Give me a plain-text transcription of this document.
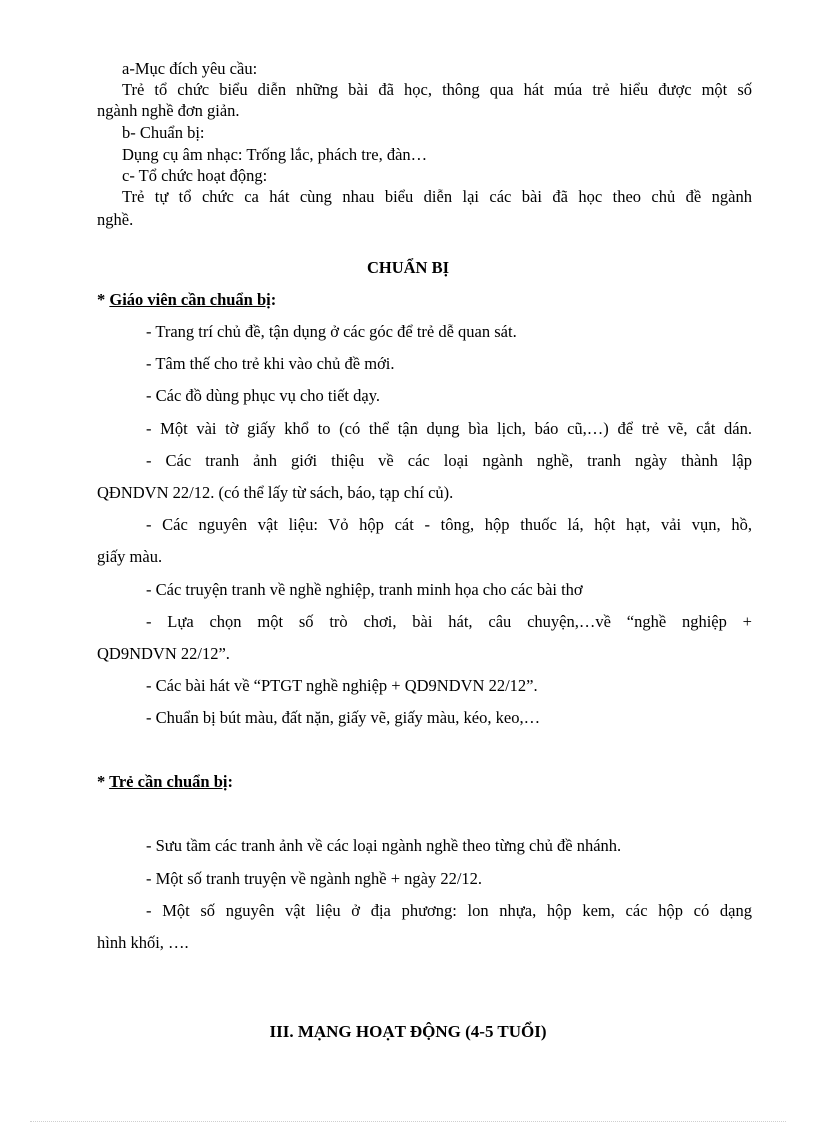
a-Mục đích yêu cầu:
Trẻ tổ chức biểu diễn những bài đã học, thông qua hát múa trẻ hiểu được một số
ngành nghề đơn giản.
b- Chuẩn bị:
Dụng cụ âm nhạc: Trống lắc, phách tre, đàn…
c- Tổ chức hoạt động:
Trẻ tự tổ chức ca hát cùng nhau biểu diễn lại các bài đã học theo chủ đề ngành
nghề.
CHUẨN BỊ
* Giáo viên cần chuẩn bị:
- Trang trí chủ đề, tận dụng ở các góc để trẻ dễ quan sát.
- Tâm thế cho trẻ khi vào chủ đề mới.
- Các đồ dùng phục vụ cho tiết dạy.
- Một vài tờ giấy khổ to (có thể tận dụng bìa lịch, báo cũ,…) để trẻ vẽ, cắt dán.
- Các tranh ảnh giới thiệu về các loại ngành nghề, tranh ngày thành lập
QĐNDVN 22/12. (có thể lấy từ sách, báo, tạp chí củ).
- Các nguyên vật liệu: Vỏ hộp cát - tông, hộp thuốc lá, hột hạt, vải vụn, hồ,
giấy màu.
- Các truyện tranh về nghề nghiệp, tranh minh họa cho các bài thơ
- Lựa chọn một số trò chơi, bài hát, câu chuyện,…về “nghề nghiệp +
QD9NDVN 22/12”.
- Các bài hát về “PTGT nghề nghiệp + QD9NDVN 22/12”.
- Chuẩn bị bút màu, đất nặn, giấy vẽ, giấy màu, kéo, keo,…
* Trẻ cần chuẩn bị:
- Sưu tầm các tranh ảnh về các loại ngành nghề theo từng chủ đề nhánh.
- Một số tranh truyện về ngành nghề + ngày 22/12.
- Một số nguyên vật liệu ở địa phương: lon nhựa, hộp kem, các hộp có dạng
hình khối, ….
III. MẠNG HOẠT ĐỘNG (4-5 TUỔI)
